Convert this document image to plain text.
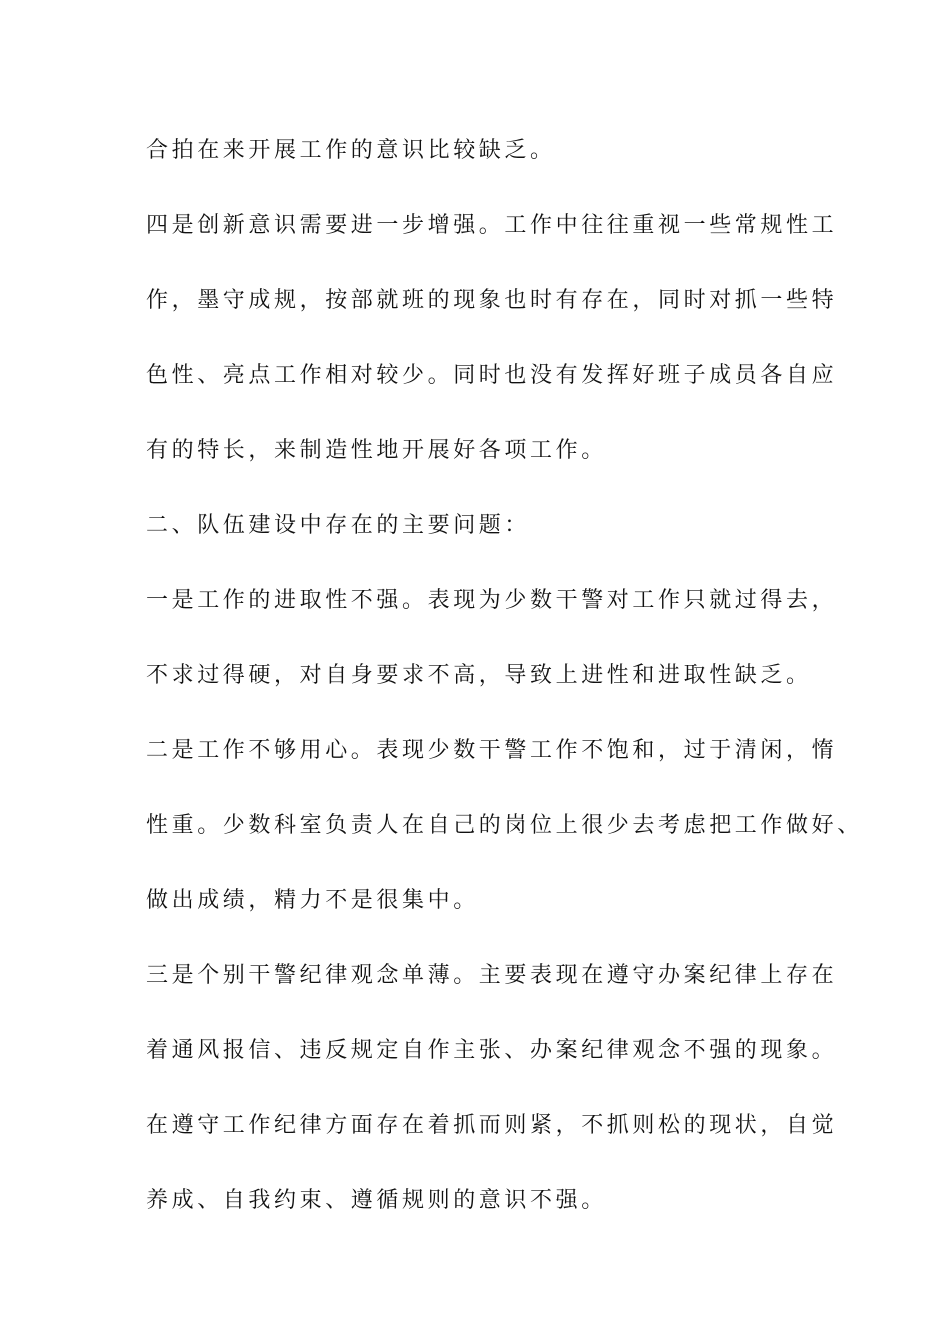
合拍在来开展工作的意识比较缺乏。
四是创新意识需要进一步增强。工作中往往重视一些常规性工
作，墨守成规，按部就班的现象也时有存在，同时对抓一些特
色性、亮点工作相对较少。同时也没有发挥好班子成员各自应
有的特长，来制造性地开展好各项工作。
二、队伍建设中存在的主要问题：
一是工作的进取性不强。表现为少数干警对工作只就过得去，
不求过得硬，对自身要求不高，导致上进性和进取性缺乏。
二是工作不够用心。表现少数干警工作不饱和，过于清闲，惰
性重。少数科室负责人在自己的岗位上很少去考虑把工作做好、
做出成绩，精力不是很集中。
三是个别干警纪律观念单薄。主要表现在遵守办案纪律上存在
着通风报信、违反规定自作主张、办案纪律观念不强的现象。
在遵守工作纪律方面存在着抓而则紧，不抓则松的现状，自觉
养成、自我约束、遵循规则的意识不强。
